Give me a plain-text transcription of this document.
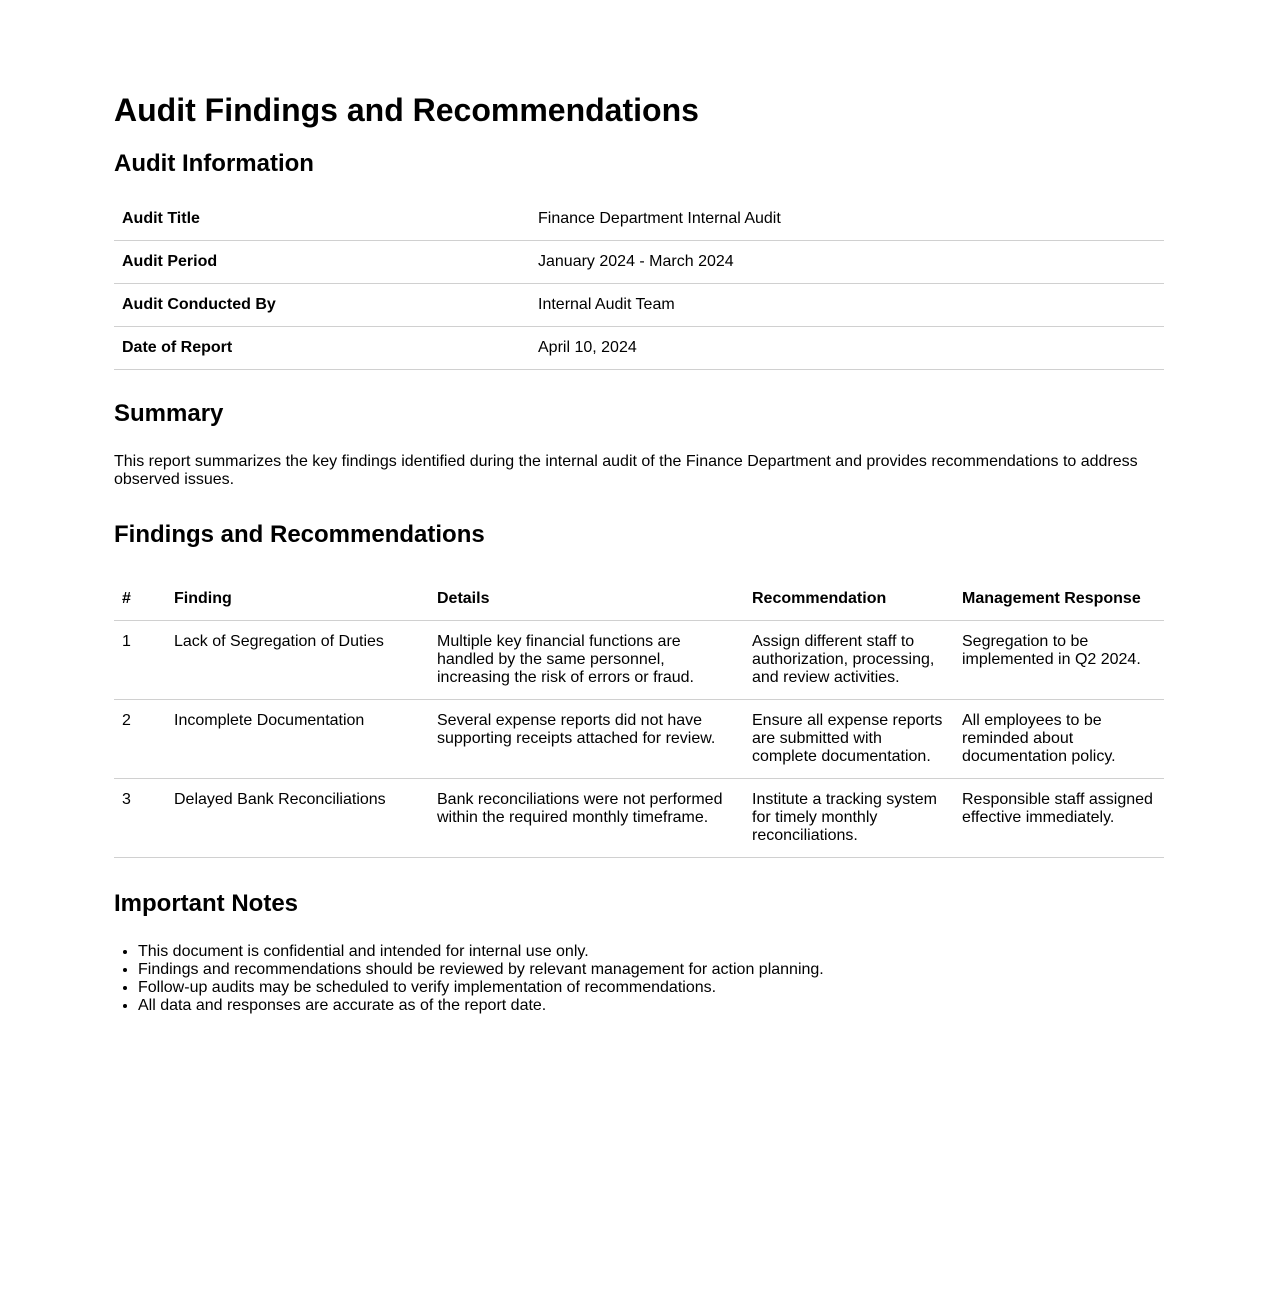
Audit Findings and Recommendations
Audit Information
Audit Title	Finance Department Internal Audit
Audit Period	January 2024 - March 2024
Audit Conducted By	Internal Audit Team
Date of Report	April 10, 2024
Summary

This report summarizes the key findings identified during the internal audit of the Finance Department and provides recommendations to address observed issues.

Findings and Recommendations
#	Finding	Details	Recommendation	Management Response
1	Lack of Segregation of Duties	Multiple key financial functions are handled by the same personnel, increasing the risk of errors or fraud.	Assign different staff to authorization, processing, and review activities.	Segregation to be implemented in Q2 2024.
2	Incomplete Documentation	Several expense reports did not have supporting receipts attached for review.	Ensure all expense reports are submitted with complete documentation.	All employees to be reminded about documentation policy.
3	Delayed Bank Reconciliations	Bank reconciliations were not performed within the required monthly timeframe.	Institute a tracking system for timely monthly reconciliations.	Responsible staff assigned effective immediately.
Important Notes
• This document is confidential and intended for internal use only.
• Findings and recommendations should be reviewed by relevant management for action planning.
• Follow-up audits may be scheduled to verify implementation of recommendations.
• All data and responses are accurate as of the report date.
